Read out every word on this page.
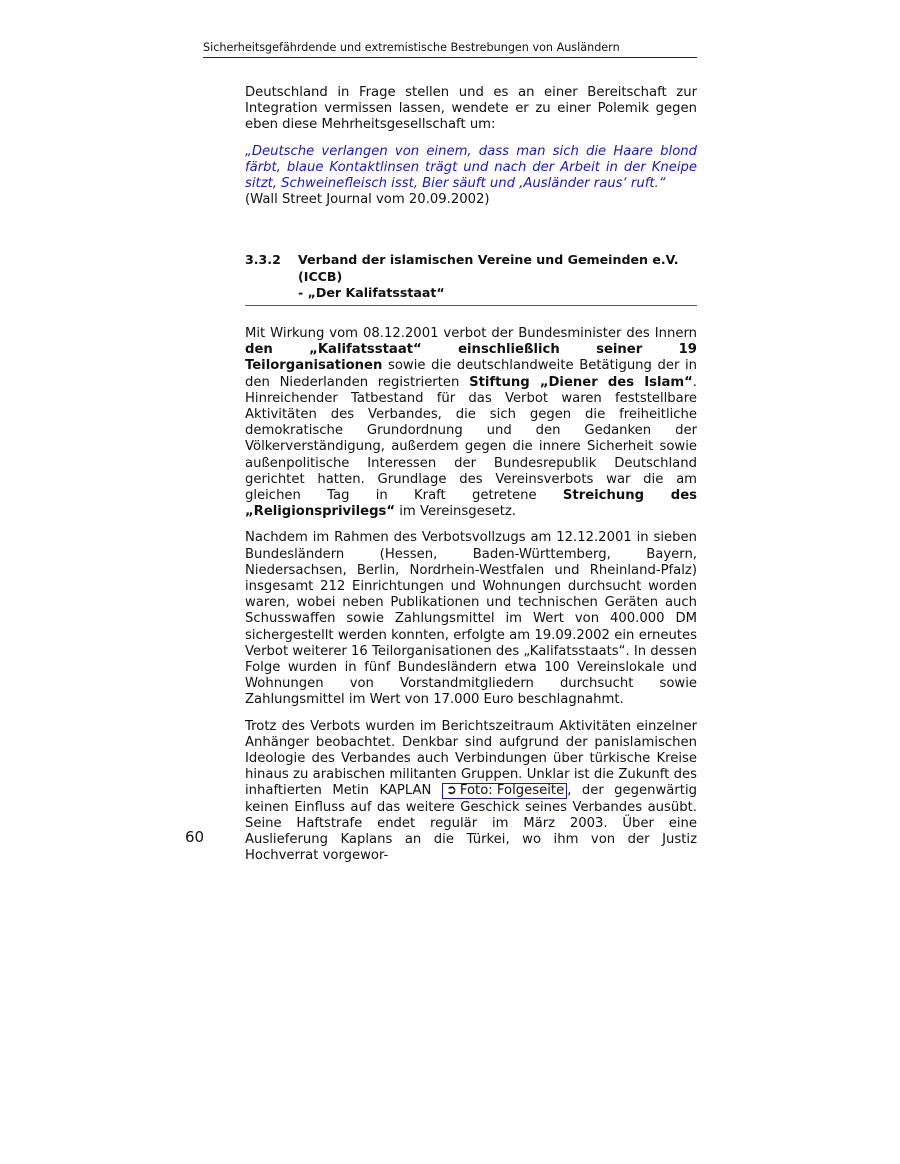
Sicherheitsgefährdende und extremistische Bestrebungen von Ausländern

Deutschland in Frage stellen und es an einer Bereitschaft zur Integration vermissen lassen, wendete er zu einer Polemik gegen eben diese Mehrheitsgesellschaft um:

„Deutsche verlangen von einem, dass man sich die Haare blond färbt, blaue Kontaktlinsen trägt und nach der Arbeit in der Kneipe sitzt, Schweinefleisch isst, Bier säuft und ‚Ausländer raus‘ ruft.“
(Wall Street Journal vom 20.09.2002)

3.3.2	Verband der islamischen Vereine und Gemeinden e.V. (ICCB)
- „Der Kalifatsstaat“

Mit Wirkung vom 08.12.2001 verbot der Bundesminister des Innern den „Kalifatsstaat“ einschließlich seiner 19 Teilorganisationen sowie die deutschlandweite Betätigung der in den Niederlanden registrierten Stiftung „Diener des Islam“. Hinreichender Tatbestand für das Verbot waren feststellbare Aktivitäten des Verbandes, die sich gegen die freiheitliche demokratische Grundordnung und den Gedanken der Völkerverständigung, außerdem gegen die innere Sicherheit sowie außenpolitische Interessen der Bundesrepublik Deutschland gerichtet hatten. Grundlage des Vereinsverbots war die am gleichen Tag in Kraft getretene Streichung des „Religionsprivilegs“ im Vereinsgesetz.

Nachdem im Rahmen des Verbotsvollzugs am 12.12.2001 in sieben Bundesländern (Hessen, Baden-Württemberg, Bayern, Niedersachsen, Berlin, Nordrhein-Westfalen und Rheinland-Pfalz) insgesamt 212 Einrichtungen und Wohnungen durchsucht worden waren, wobei neben Publikationen und technischen Geräten auch Schusswaffen sowie Zahlungsmittel im Wert von 400.000 DM sichergestellt werden konnten, erfolgte am 19.09.2002 ein erneutes Verbot weiterer 16 Teilorganisationen des „Kalifatsstaats“. In dessen Folge wurden in fünf Bundesländern etwa 100 Vereinslokale und Wohnungen von Vorstandmitgliedern durchsucht sowie Zahlungsmittel im Wert von 17.000 Euro beschlagnahmt.

Trotz des Verbots wurden im Berichtszeitraum Aktivitäten einzelner Anhänger beobachtet. Denkbar sind aufgrund der panislamischen Ideologie des Verbandes auch Verbindungen über türkische Kreise hinaus zu arabischen militanten Gruppen. Unklar ist die Zukunft des inhaftierten Metin KAPLAN ➲ Foto: Folgeseite , der gegenwärtig keinen Einfluss auf das weitere Geschick seines Verbandes ausübt. Seine Haftstrafe endet regulär im März 2003. Über eine Auslieferung Kaplans an die Türkei, wo ihm von der Justiz Hochverrat vorgewor-

60
